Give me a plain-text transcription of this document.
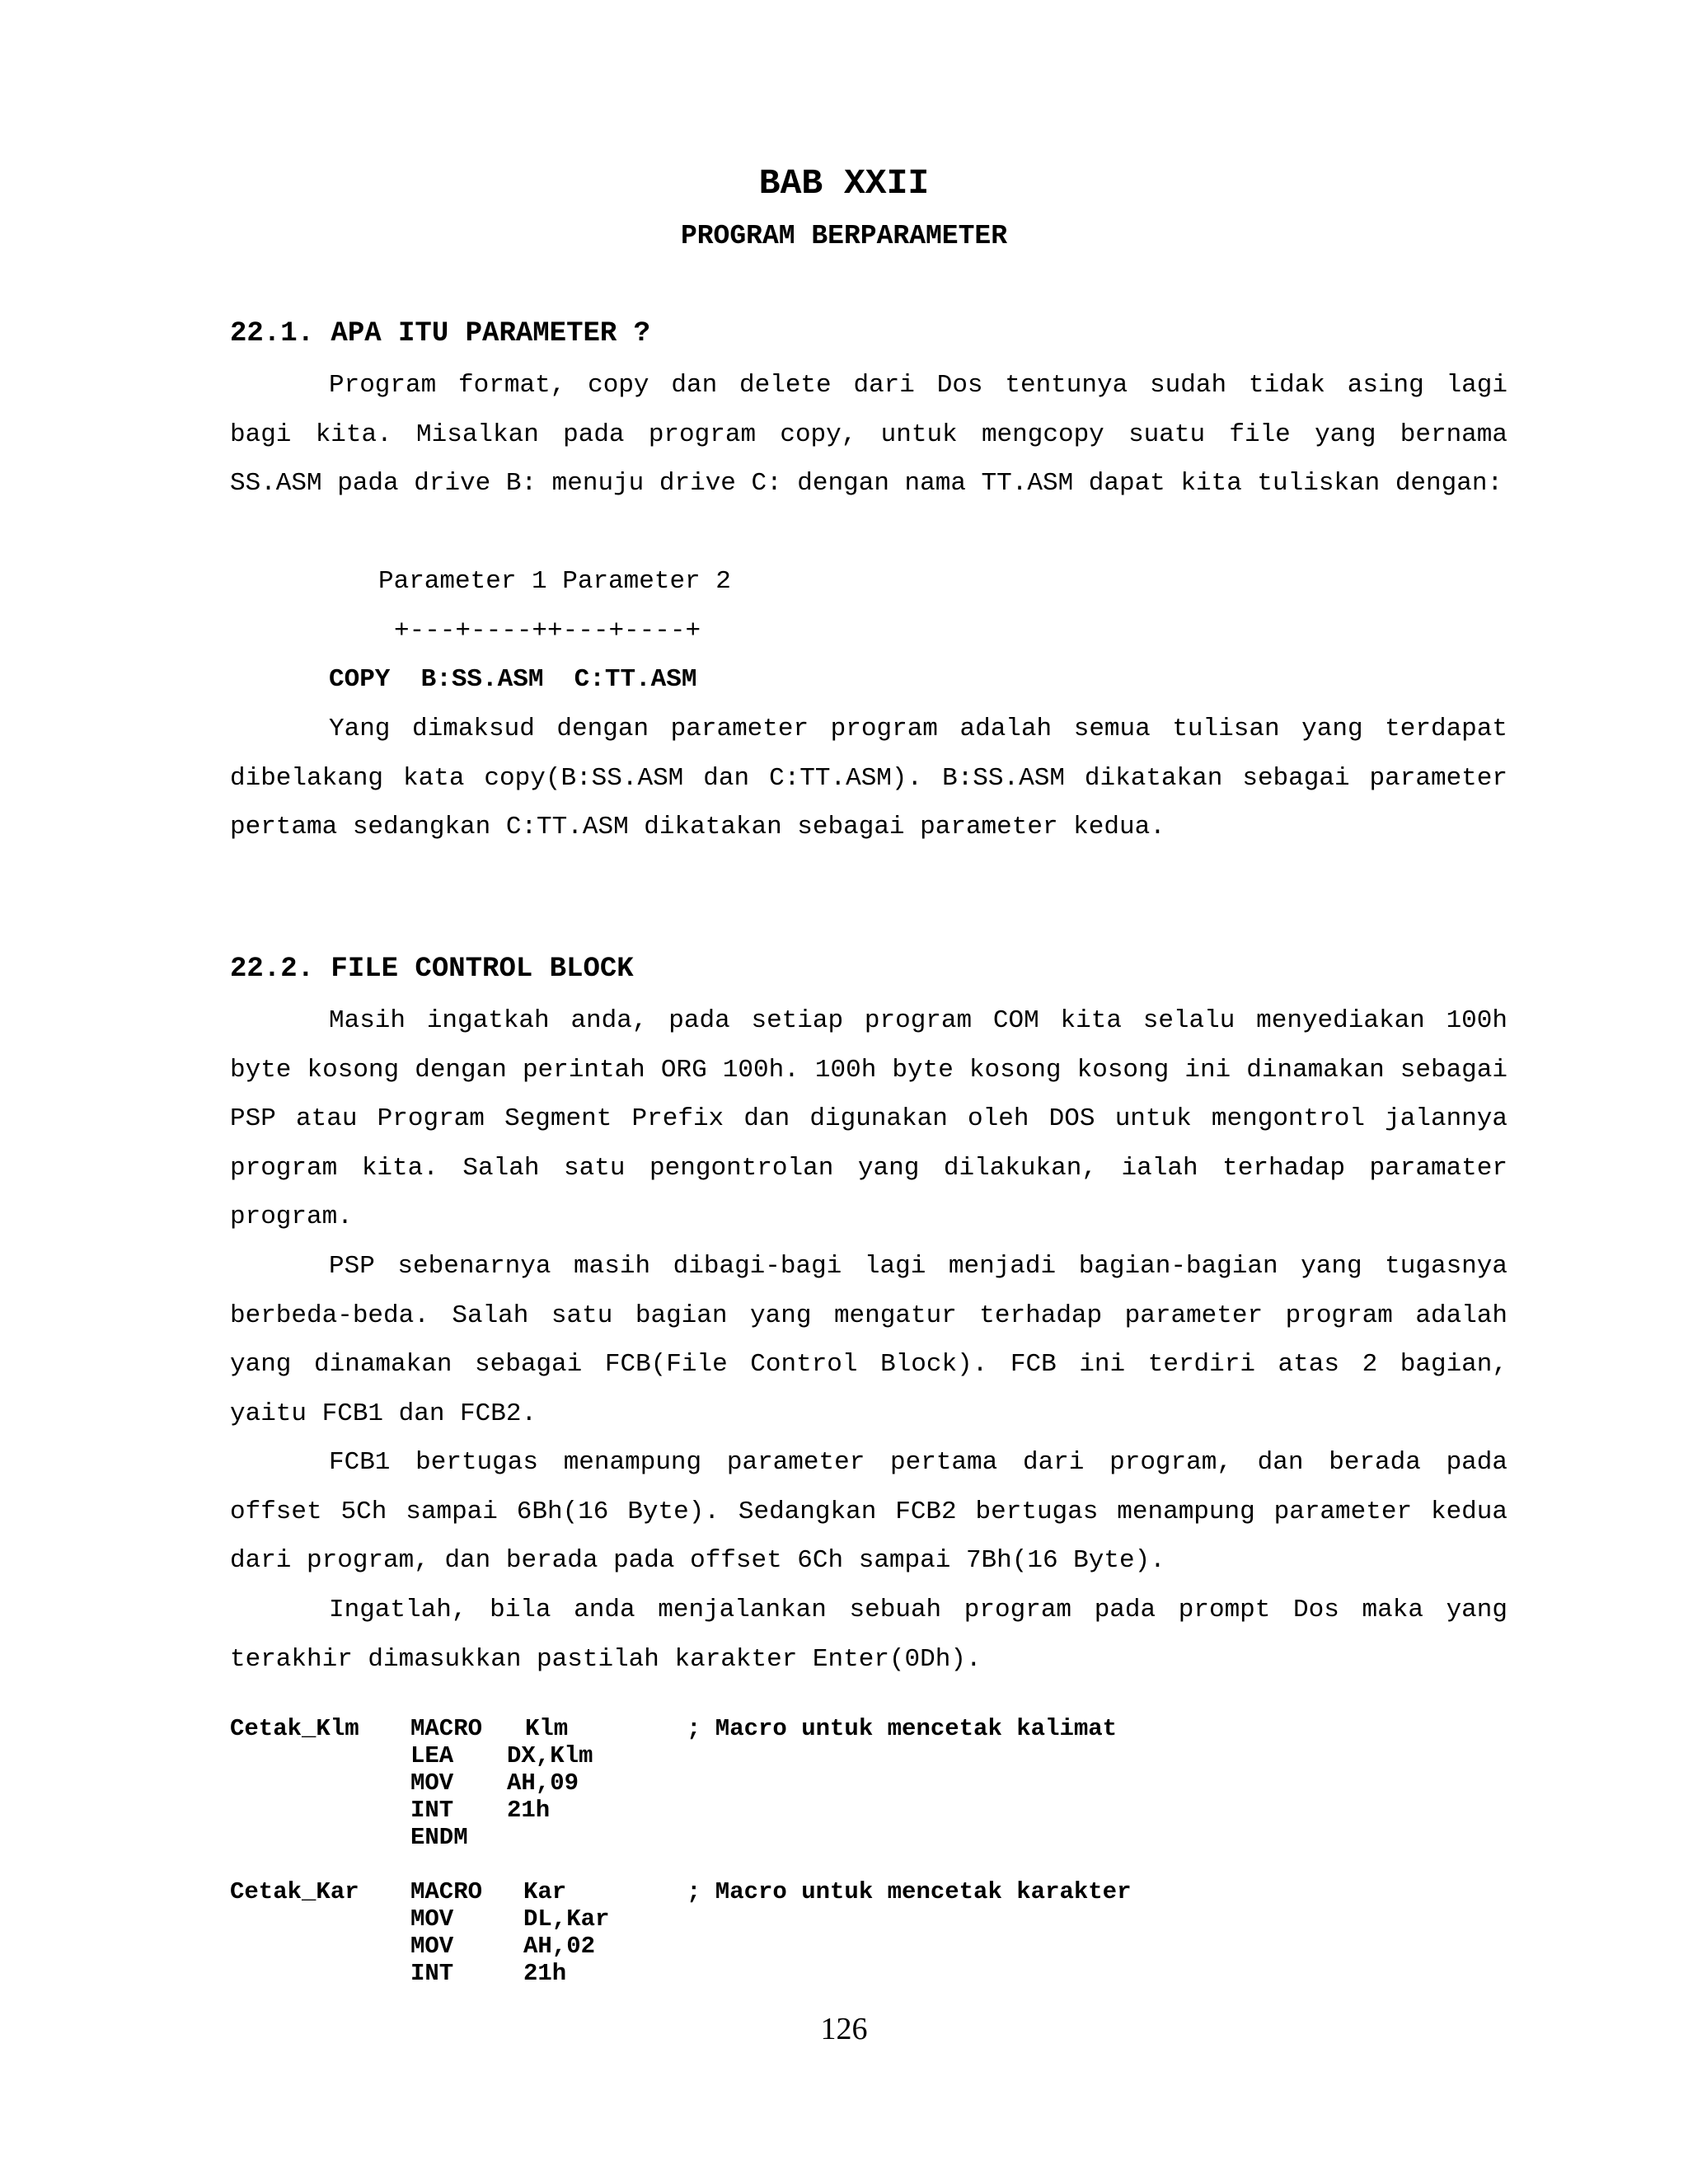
BAB XXII
PROGRAM BERPARAMETER
22.1. APA ITU PARAMETER ?
Program format, copy dan delete dari Dos tentunya sudah tidak asing lagi bagi kita. Misalkan pada program copy, untuk mengcopy suatu file yang bernama SS.ASM pada drive B: menuju drive C: dengan nama TT.ASM dapat kita tuliskan dengan:
Parameter 1 Parameter 2
+---+----++---+----+
COPY  B:SS.ASM  C:TT.ASM
Yang dimaksud dengan parameter program adalah semua tulisan yang terdapat dibelakang kata copy(B:SS.ASM dan C:TT.ASM). B:SS.ASM dikatakan sebagai parameter pertama sedangkan C:TT.ASM dikatakan sebagai parameter kedua.
22.2. FILE CONTROL BLOCK
Masih ingatkah anda, pada setiap program COM kita selalu menyediakan 100h byte kosong dengan perintah ORG 100h. 100h byte kosong kosong ini dinamakan sebagai PSP atau Program Segment Prefix dan digunakan oleh DOS untuk mengontrol jalannya program kita. Salah satu pengontrolan yang dilakukan, ialah terhadap paramater program.
PSP sebenarnya masih dibagi-bagi lagi menjadi bagian-bagian yang tugasnya berbeda-beda. Salah satu bagian yang mengatur terhadap parameter program adalah yang dinamakan sebagai FCB(File Control Block). FCB ini terdiri atas 2 bagian, yaitu FCB1 dan FCB2.
FCB1 bertugas menampung parameter pertama dari program, dan berada pada offset 5Ch sampai 6Bh(16 Byte). Sedangkan FCB2 bertugas menampung parameter kedua dari program, dan berada pada offset 6Ch sampai 7Bh(16 Byte).
Ingatlah, bila anda menjalankan sebuah program pada prompt Dos maka yang terakhir dimasukkan pastilah karakter Enter(0Dh).
Cetak_Klm MACRO Klm	; Macro untuk mencetak kalimat
LEA DX,Klm
MOV AH,09
INT 21h
ENDM
Cetak_Kar MACRO Kar	; Macro untuk mencetak karakter
MOV	DL,Kar
MOV	AH,02
INT	21h
126
